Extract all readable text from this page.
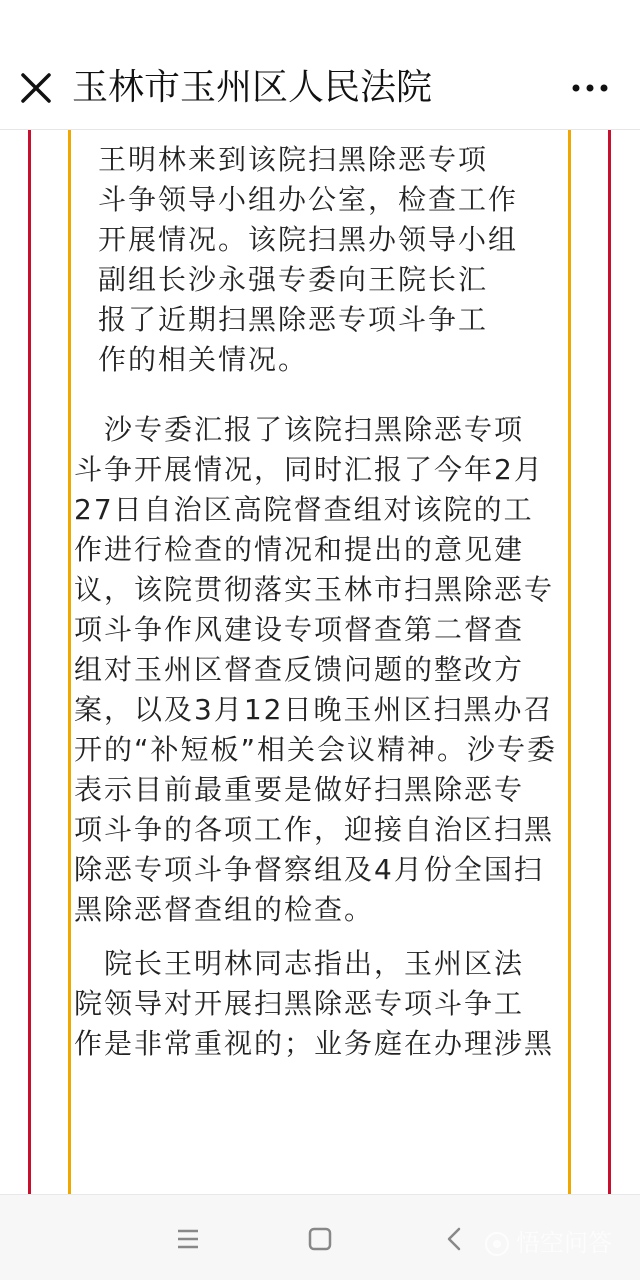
玉林市玉州区人民法院

王明林来到该院扫黑除恶专项
斗争领导小组办公室，检查工作
开展情况。该院扫黑办领导小组
副组长沙永强专委向王院长汇
报了近期扫黑除恶专项斗争工
作的相关情况。

　沙专委汇报了该院扫黑除恶专项
斗争开展情况，同时汇报了今年2月
27日自治区高院督查组对该院的工
作进行检查的情况和提出的意见建
议，该院贯彻落实玉林市扫黑除恶专
项斗争作风建设专项督查第二督查
组对玉州区督查反馈问题的整改方
案，以及3月12日晚玉州区扫黑办召
开的“补短板”相关会议精神。沙专委
表示目前最重要是做好扫黑除恶专
项斗争的各项工作，迎接自治区扫黑
除恶专项斗争督察组及4月份全国扫
黑除恶督查组的检查。

　院长王明林同志指出，玉州区法
院领导对开展扫黑除恶专项斗争工
作是非常重视的；业务庭在办理涉黑

悟空问答
